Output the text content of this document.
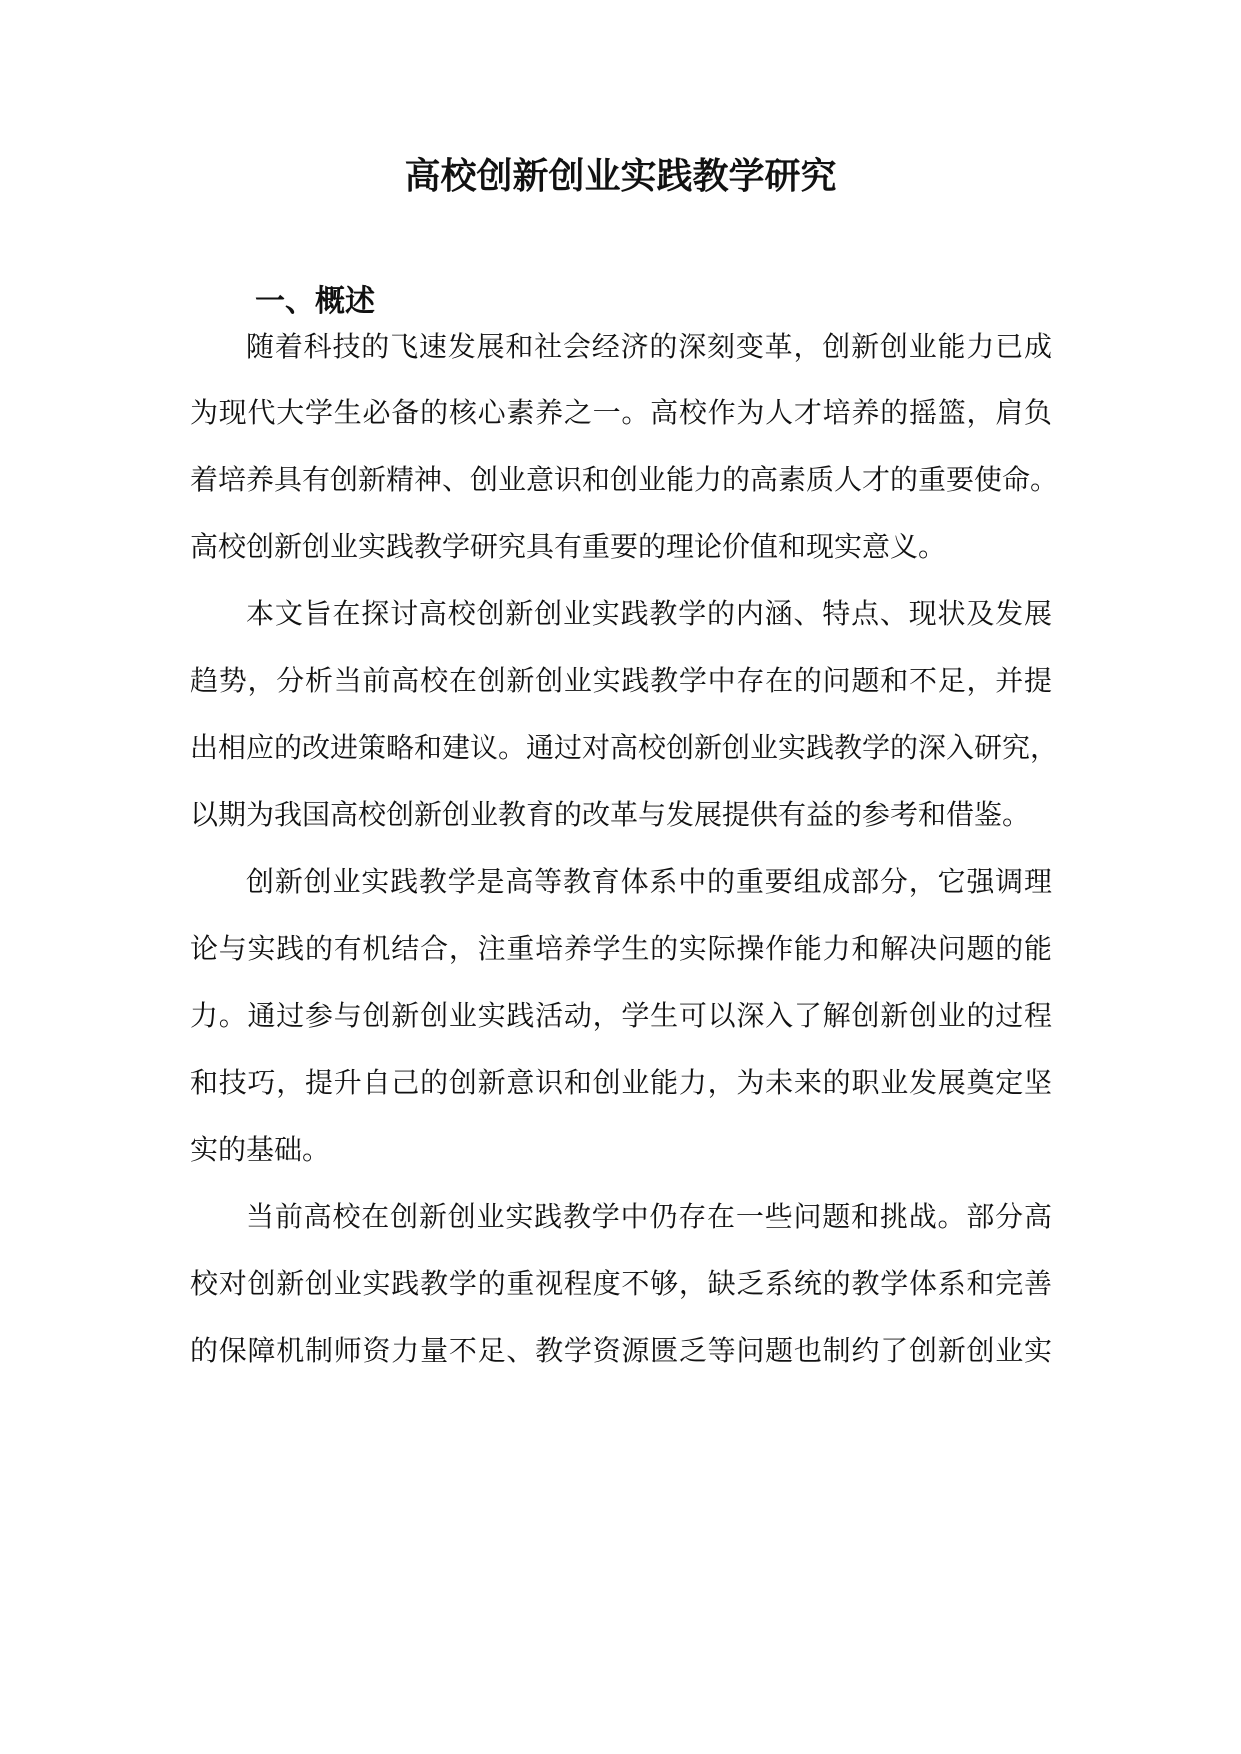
高校创新创业实践教学研究
一、概述
随着科技的飞速发展和社会经济的深刻变革，创新创业能力已成
为现代大学生必备的核心素养之一。高校作为人才培养的摇篮，肩负
着培养具有创新精神、创业意识和创业能力的高素质人才的重要使命。
高校创新创业实践教学研究具有重要的理论价值和现实意义。
本文旨在探讨高校创新创业实践教学的内涵、特点、现状及发展
趋势，分析当前高校在创新创业实践教学中存在的问题和不足，并提
出相应的改进策略和建议。通过对高校创新创业实践教学的深入研究，
以期为我国高校创新创业教育的改革与发展提供有益的参考和借鉴。
创新创业实践教学是高等教育体系中的重要组成部分，它强调理
论与实践的有机结合，注重培养学生的实际操作能力和解决问题的能
力。通过参与创新创业实践活动，学生可以深入了解创新创业的过程
和技巧，提升自己的创新意识和创业能力，为未来的职业发展奠定坚
实的基础。
当前高校在创新创业实践教学中仍存在一些问题和挑战。部分高
校对创新创业实践教学的重视程度不够，缺乏系统的教学体系和完善
的保障机制师资力量不足、教学资源匮乏等问题也制约了创新创业实
